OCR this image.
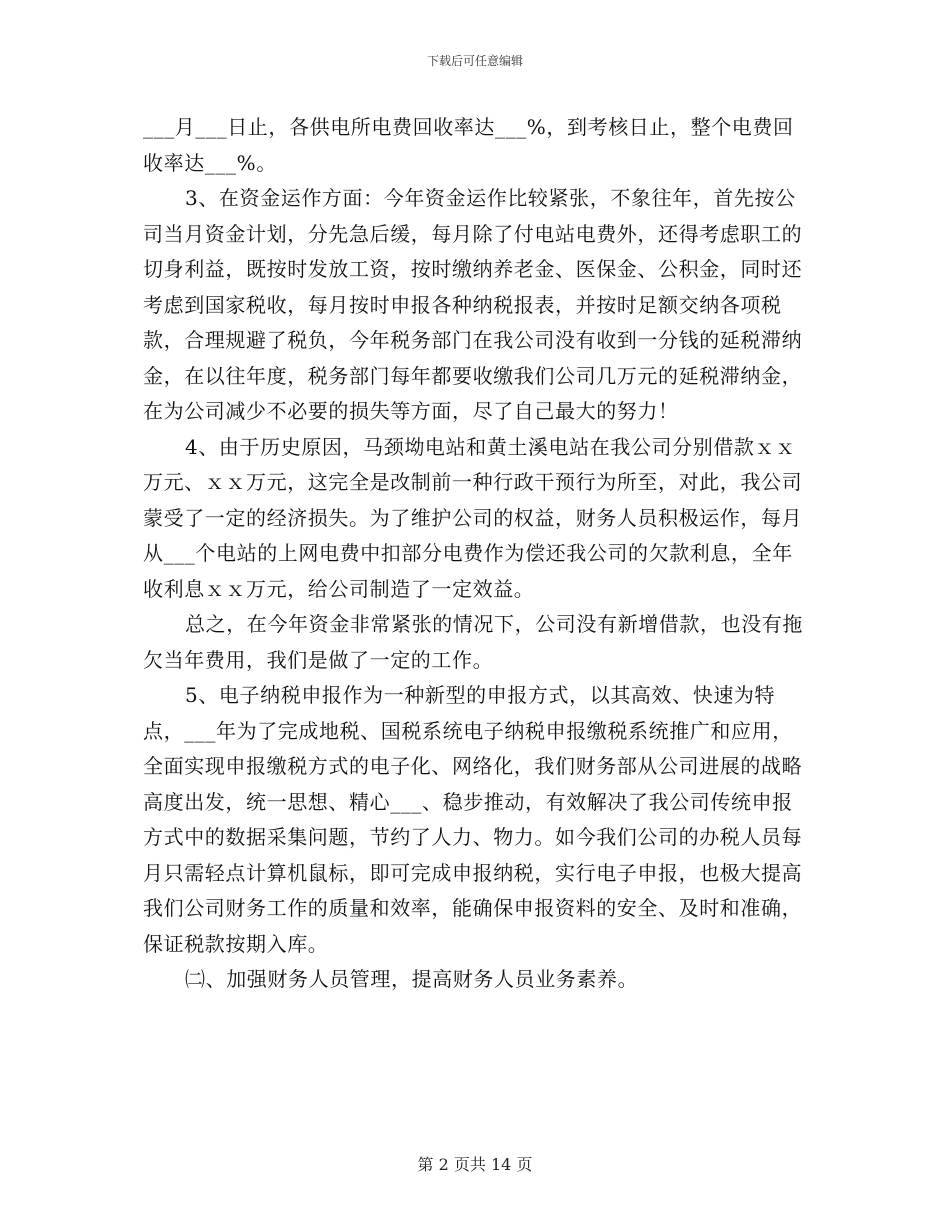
下载后可任意编辑

___月___日止，各供电所电费回收率达___%，到考核日止，整个电费回收率达___%。

3、在资金运作方面：今年资金运作比较紧张，不象往年，首先按公司当月资金计划，分先急后缓，每月除了付电站电费外，还得考虑职工的切身利益，既按时发放工资，按时缴纳养老金、医保金、公积金，同时还考虑到国家税收，每月按时申报各种纳税报表，并按时足额交纳各项税款，合理规避了税负，今年税务部门在我公司没有收到一分钱的延税滞纳金，在以往年度，税务部门每年都要收缴我们公司几万元的延税滞纳金，在为公司减少不必要的损失等方面，尽了自己最大的努力！

4、由于历史原因，马颈坳电站和黄土溪电站在我公司分别借款ｘｘ万元、ｘｘ万元，这完全是改制前一种行政干预行为所至，对此，我公司蒙受了一定的经济损失。为了维护公司的权益，财务人员积极运作，每月从___个电站的上网电费中扣部分电费作为偿还我公司的欠款利息，全年收利息ｘｘ万元，给公司制造了一定效益。

总之，在今年资金非常紧张的情况下，公司没有新增借款，也没有拖欠当年费用，我们是做了一定的工作。

5、电子纳税申报作为一种新型的申报方式，以其高效、快速为特点，___年为了完成地税、国税系统电子纳税申报缴税系统推广和应用，全面实现申报缴税方式的电子化、网络化，我们财务部从公司进展的战略高度出发，统一思想、精心___、稳步推动，有效解决了我公司传统申报方式中的数据采集问题，节约了人力、物力。如今我们公司的办税人员每月只需轻点计算机鼠标，即可完成申报纳税，实行电子申报，也极大提高我们公司财务工作的质量和效率，能确保申报资料的安全、及时和准确，保证税款按期入库。

㈡、加强财务人员管理，提高财务人员业务素养。

第 2 页共 14 页
